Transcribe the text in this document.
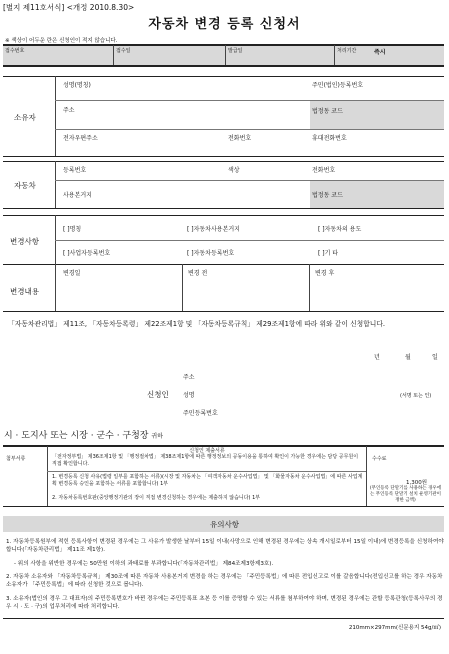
[별지 제11호서식] <개정 2010.8.30>
자동차 변경 등록 신청서
※ 색상이 어두운 란은 신청인이 적지 않습니다.
접수번호	접수일	발급일	처리기간	즉시
소유자
성명(명칭)	주민(법인)등록번호
주소	법정동 코드
전자우편주소	전화번호	휴대전화번호
자동차
등록번호	색상	전화번호
사용본거지	법정동 코드
변경사항
[ ]명칭	[ ]자동차사용본거지	[ ]자동차의 용도
[ ]사업자등록번호	[ ]자동차등록번호	[ ]기 타
변경내용
변경일	변경 전	변경 후
「자동차관리법」 제11조, 「자동차등록령」 제22조제1항 및 「자동차등록규칙」 제29조제1항에 따라 위와 같이 신청합니다.
년	월	일
주소
신청인 성명	(서명 또는 인)
주민등록번호
시 · 도지사 또는 시장 · 군수 · 구청장 귀하
첨부서류
신청인 제출서류
「전자정부법」 제36조제1항 및 「행정절차법」 제38조제1항에 따른 행정정보의 공동이용을 통하여 확인이 가능한 경우에는 담당 공무원이 직접 확인합니다.
1. 변경등록 신청 사유(법령 일부를 포함하는 서류)(시장 및 자동차는 「여객자동차 운수사업법」 및 「화물자동차 운수사업법」에 따른 사업계획 변경등록 승인을 포함하는 서류를 포함합니다) 1부
2. 자동차등록번호판(중앙행정기관의 장이 직접 변경신청하는 경우에는 제출하지 않습니다) 1부
수수료
1,300원
(무인등록 단말기를 사용하는 경우에는 무인등록 단말기 설치 운영기관이 정한 금액)
유의사항
1. 자동차등록원부에 적힌 등록사항이 변경된 경우에는 그 사유가 발생한 날부터 15일 이내(사망으로 인해 변경된 경우에는 상속 개시일로부터 15일 이내)에 변경등록을 신청하여야 합니다(「자동차관리법」 제11조 제1항).
- 위의 사항을 위반한 경우에는 50만원 이하의 과태료를 부과합니다(「자동차관리법」 제84조제3항제3호).
2. 자동차 소유자와 「자동차등록규칙」 제30조에 따른 자동차 사용본거지 변경을 하는 경우에는 「주민등록법」에 따른 전입신고로 이를 갈음합니다(전입신고를 하는 경우 자동차 소유자가 「주민등록법」에 따라 신청한 것으로 봅니다).
3. 소유자(법인의 경우 그 대표자)의 주민등록번호가 바뀐 경우에는 주민등록표 초본 등 이를 증명할 수 있는 서류를 첨부하여야 하며, 변경된 경우에는 관할 등록관청(등록사무의 경우 시 · 도 · 구)의 업무처리에 따라 처리합니다.
210mm×297mm(신문용지 54g/㎡)
